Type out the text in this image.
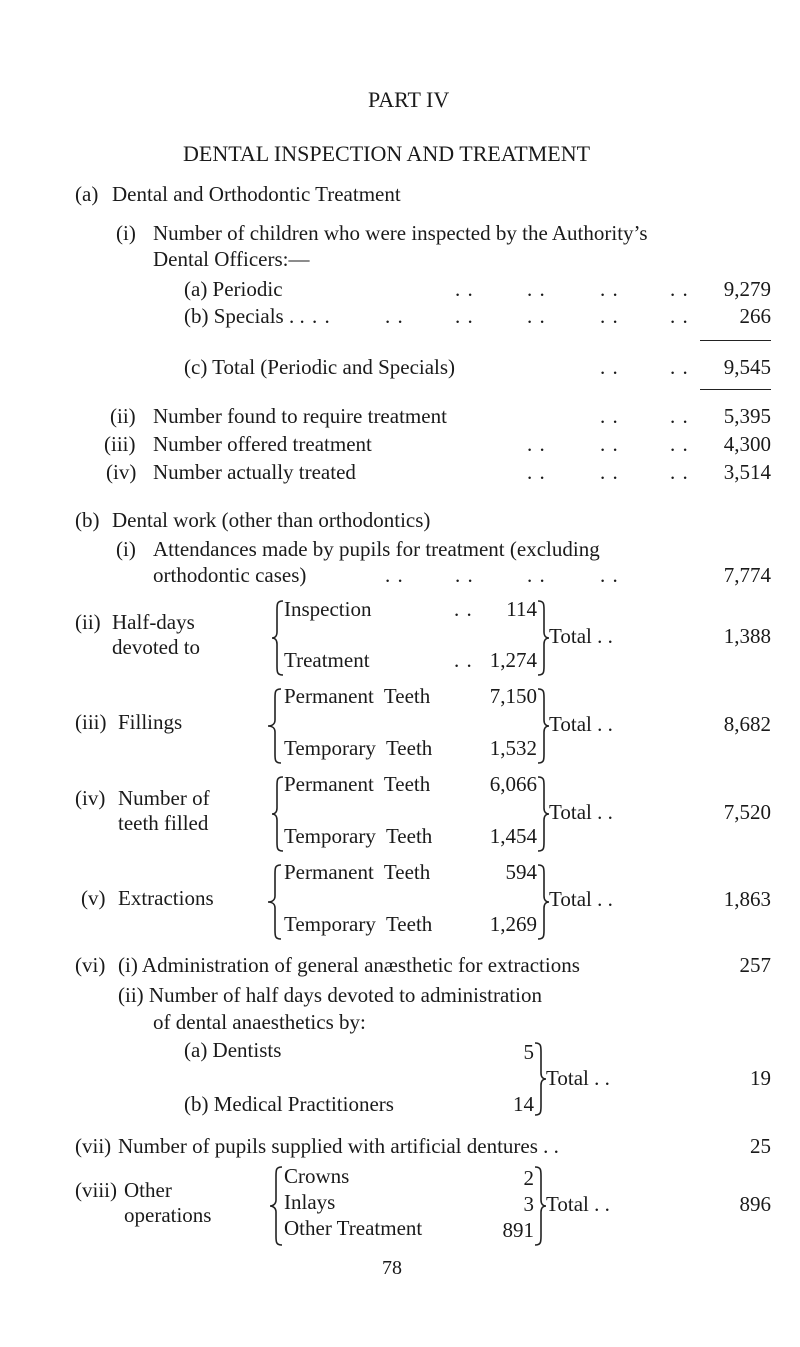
PART IV
DENTAL INSPECTION AND TREATMENT
(a) Dental and Orthodontic Treatment
(i) Number of children who were inspected by the Authority’s
Dental Officers:—
(a) Periodic	. .	. .	. . . .	9,279
(b) Specials . . . .	. . . .	. .	. . . .	266
(c) Total (Periodic and Specials)	. . . .	9,545
(ii) Number found to require treatment	. . . .	5,395
(iii) Number offered treatment	. .	. . . .	4,300
(iv) Number actually treated	. .	. . . .	3,514
(b) Dental work (other than orthodontics)
(i) Attendances made by pupils for treatment (excluding
orthodontic cases)	. . . .	. .	. .	7,774
(ii) Half-days
devoted to
Inspection	. .	114
Treatment	. . 1,274
Total . .	1,388
(iii) Fillings
Permanent  Teeth	7,150
Temporary  Teeth	1,532
Total . .	8,682
(iv) Number of
teeth filled
Permanent  Teeth	6,066
Temporary  Teeth	1,454
Total . .	7,520
(v) Extractions
Permanent  Teeth	594
Temporary  Teeth	1,269
Total . .	1,863
(vi) (i) Administration of general anæsthetic for extractions	257
(ii) Number of half days devoted to administration
of dental anaesthetics by:
(a) Dentists	5
(b) Medical Practitioners	14
Total . .	19
(vii) Number of pupils supplied with artificial dentures . .	25
(viii) Other
operations
Crowns	2
Inlays	3
Other Treatment	891
Total . .	896
78
